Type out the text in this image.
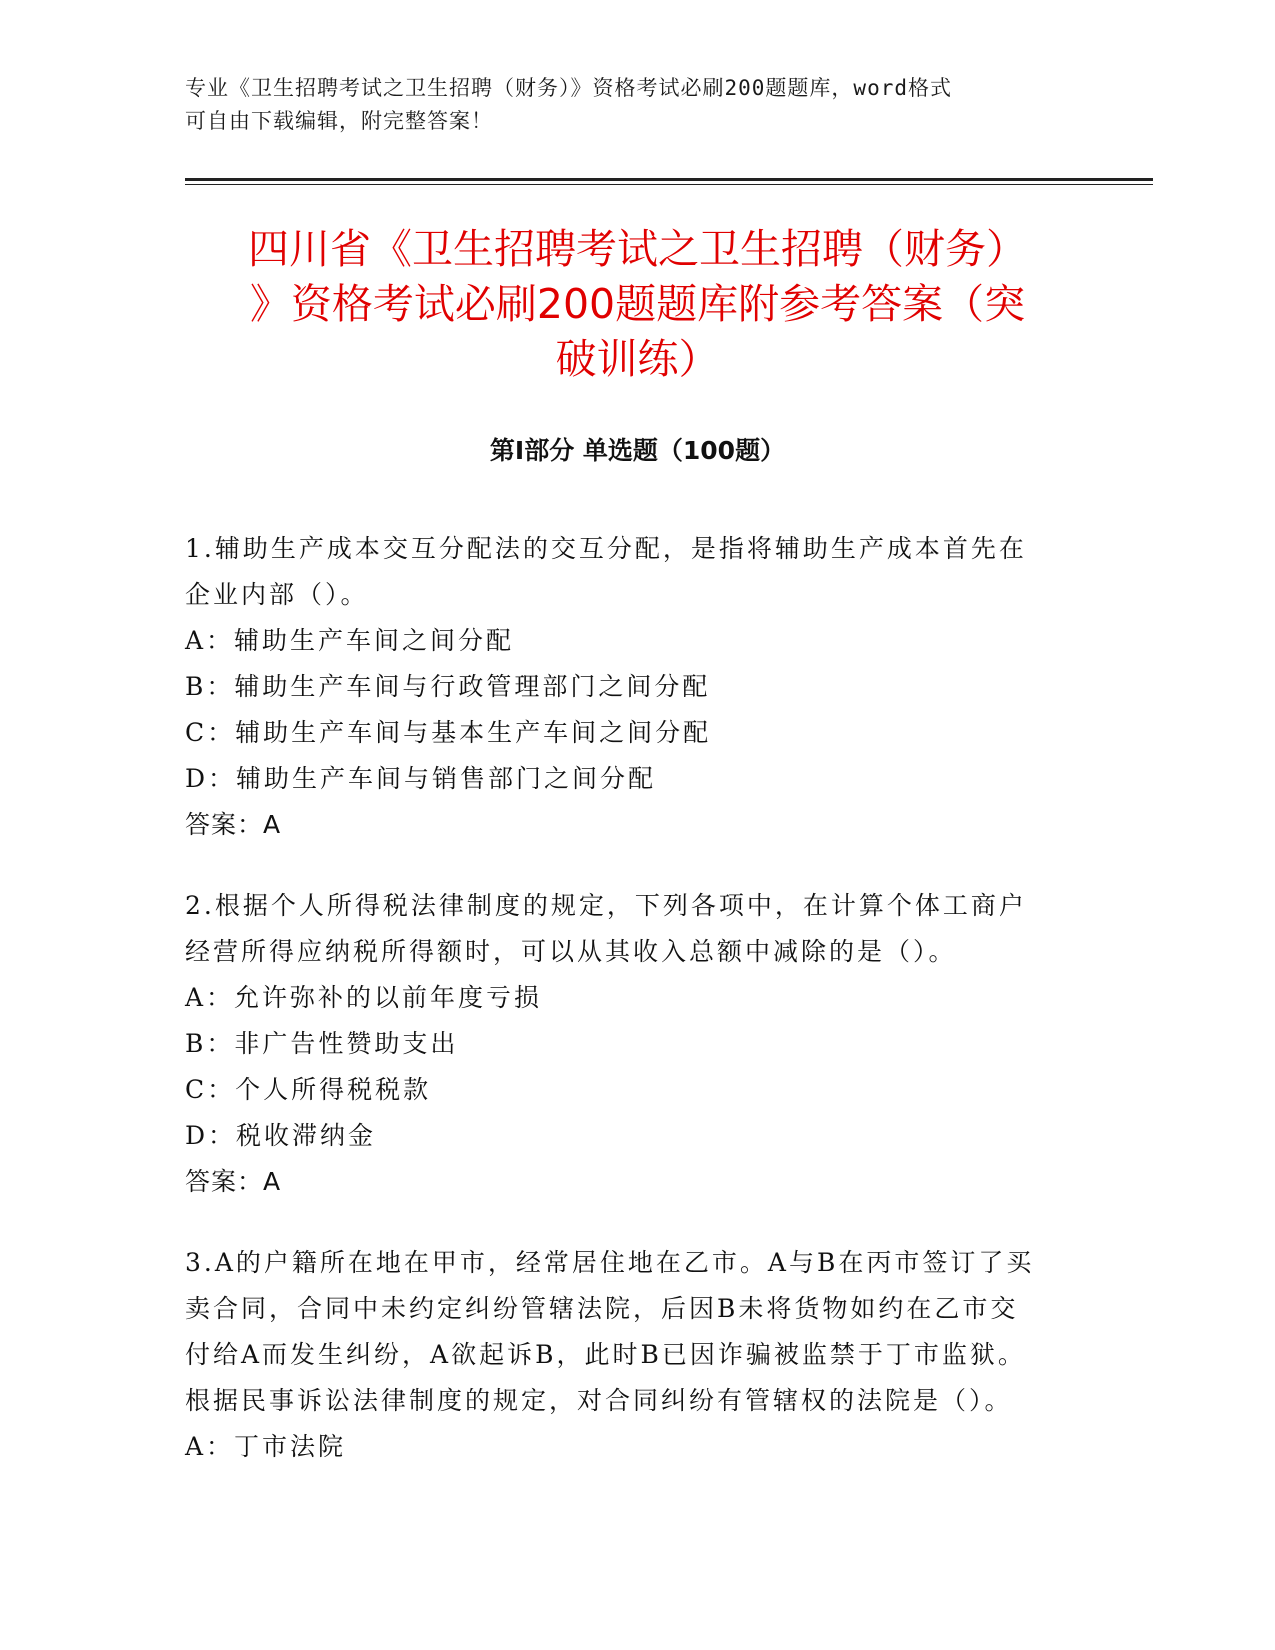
专业《卫生招聘考试之卫生招聘（财务）》资格考试必刷200题题库，word格式
可自由下载编辑，附完整答案！
四川省《卫生招聘考试之卫生招聘（财务）
》资格考试必刷200题题库附参考答案（突
破训练）
第Ⅰ部分 单选题（100题）
1.辅助生产成本交互分配法的交互分配，是指将辅助生产成本首先在
企业内部（）。
A：辅助生产车间之间分配
B：辅助生产车间与行政管理部门之间分配
C：辅助生产车间与基本生产车间之间分配
D：辅助生产车间与销售部门之间分配
答案：A
2.根据个人所得税法律制度的规定，下列各项中，在计算个体工商户
经营所得应纳税所得额时，可以从其收入总额中减除的是（）。
A：允许弥补的以前年度亏损
B：非广告性赞助支出
C：个人所得税税款
D：税收滞纳金
答案：A
3.A的户籍所在地在甲市，经常居住地在乙市。A与B在丙市签订了买
卖合同，合同中未约定纠纷管辖法院，后因B未将货物如约在乙市交
付给A而发生纠纷，A欲起诉B，此时B已因诈骗被监禁于丁市监狱。
根据民事诉讼法律制度的规定，对合同纠纷有管辖权的法院是（）。
A：丁市法院
